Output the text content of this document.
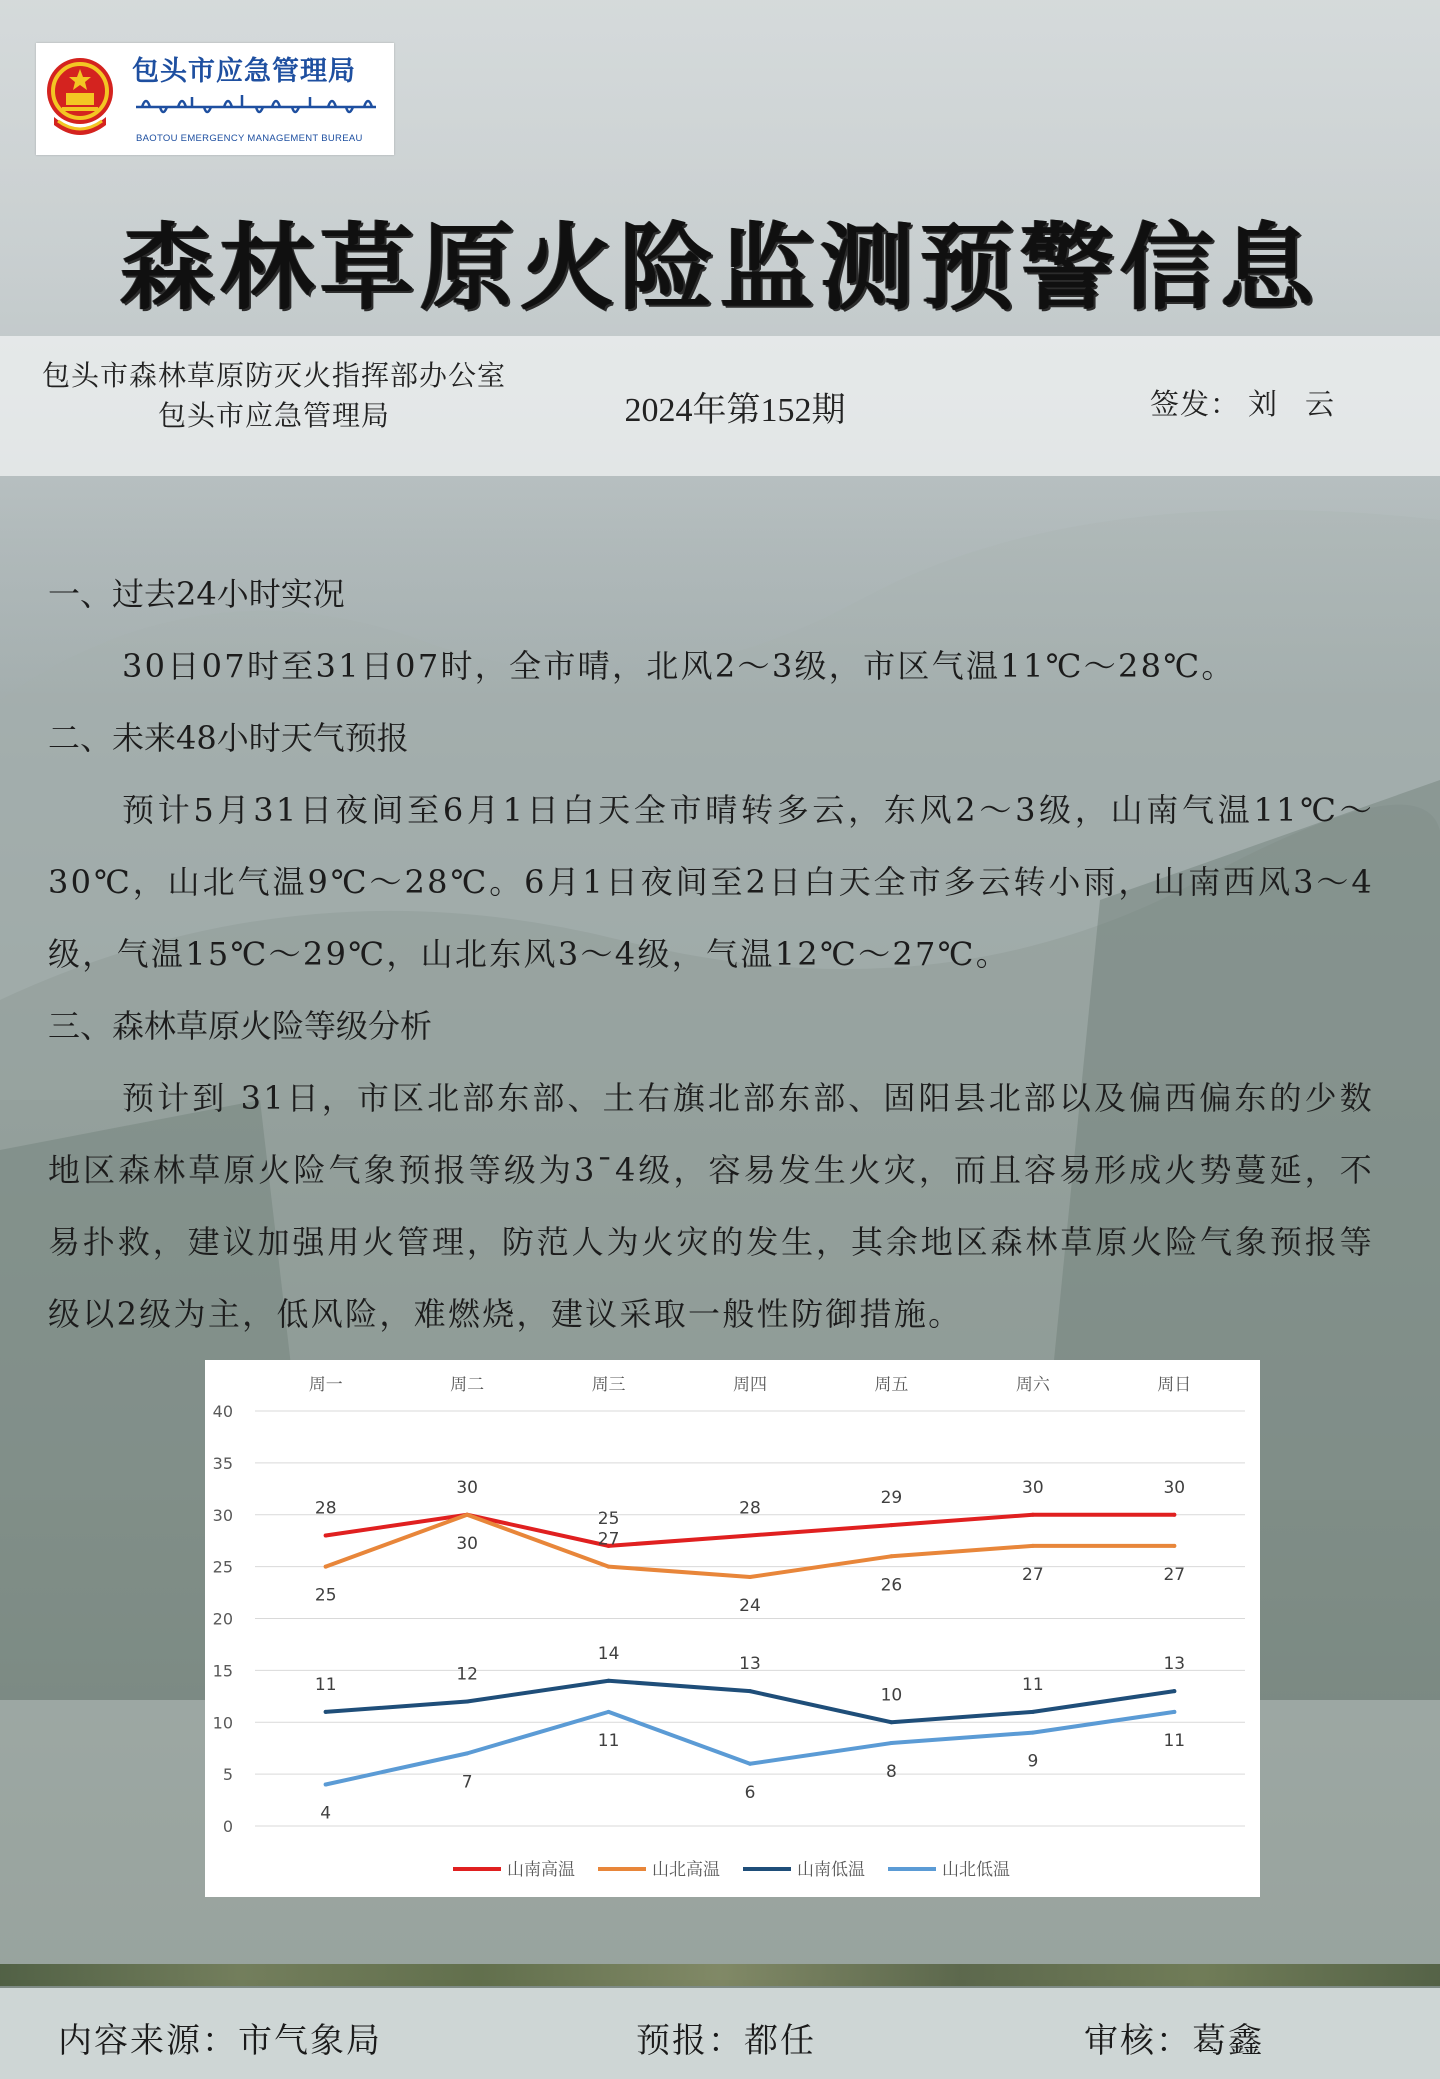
包头市应急管理局
BAOTOU EMERGENCY MANAGEMENT BUREAU
森林草原火险监测预警信息
包头市森林草原防灭火指挥部办公室
包头市应急管理局	2024年第152期	签发： 刘云

一、过去24小时实况

30日07时至31日07时，全市晴，北风2～3级，市区气温11℃～28℃。

二、未来48小时天气预报

预计5月31日夜间至6月1日白天全市晴转多云，东风2～3级，山南气温11℃～30℃，山北气温9℃～28℃。6月1日夜间至2日白天全市多云转小雨，山南西风3～4级，气温15℃～29℃，山北东风3～4级，气温12℃～27℃。

三、森林草原火险等级分析

预计到 31日，市区北部东部、土右旗北部东部、固阳县北部以及偏西偏东的少数地区森林草原火险气象预报等级为3¯4级，容易发生火灾，而且容易形成火势蔓延，不易扑救，建议加强用火管理，防范人为火灾的发生，其余地区森林草原火险气象预报等级以2级为主，低风险，难燃烧，建议采取一般性防御措施。

0
5
10
15
20
25
30
35
40
周一	周二	周三	周四	周五	周六	周日
28
30
25
28
29
30	30
25
30	27
24
26
27	27
11
12
14
13
10
11
13
4
7
11
6
8
9
11
山南高温	山北高温	山南低温	山北低温
内容来源：市气象局	预报：都任	审核：葛鑫
